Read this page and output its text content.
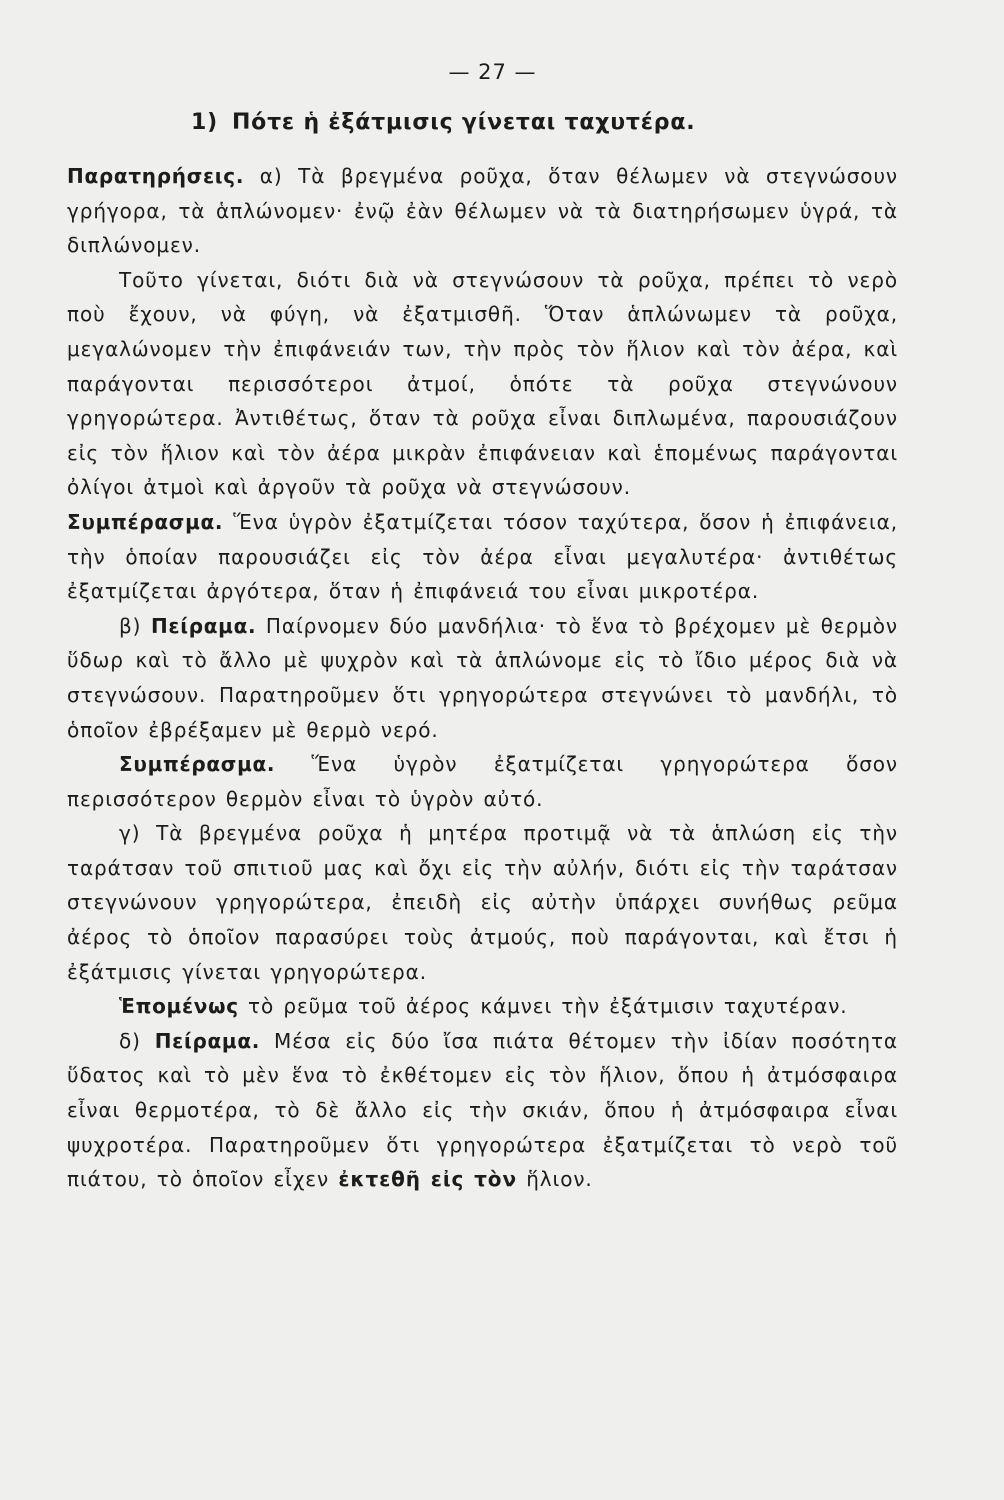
— 27 —
1) Πότε ἡ ἐξάτμισις γίνεται ταχυτέρα.

Παρατηρήσεις. α) Τὰ βρεγμένα ροῦχα, ὅταν θέλωμεν νὰ στεγνώσουν γρήγορα, τὰ ἁπλώνομεν· ἐνῷ ἐὰν θέλωμεν νὰ τὰ διατηρήσωμεν ὑγρά, τὰ διπλώνομεν.

Τοῦτο γίνεται, διότι διὰ νὰ στεγνώσουν τὰ ροῦχα, πρέπει τὸ νερὸ ποὺ ἔχουν, νὰ φύγη, νὰ ἐξατμισθῆ. Ὅταν ἁπλώνωμεν τὰ ροῦχα, μεγαλώνομεν τὴν ἐπιφάνειάν των, τὴν πρὸς τὸν ἥλιον καὶ τὸν ἀέρα, καὶ παράγονται περισσότεροι ἀτμοί, ὁπότε τὰ ροῦχα στεγνώνουν γρηγορώτερα. Ἀντιθέτως, ὅταν τὰ ροῦχα εἶναι διπλωμένα, παρουσιάζουν εἰς τὸν ἥλιον καὶ τὸν ἀέρα μικρὰν ἐπιφάνειαν καὶ ἑπομένως παράγονται ὀλίγοι ἀτμοὶ καὶ ἀργοῦν τὰ ροῦχα νὰ στεγνώσουν.

Συμπέρασμα. Ἕνα ὑγρὸν ἐξατμίζεται τόσον ταχύτερα, ὅσον ἡ ἐπιφάνεια, τὴν ὁποίαν παρουσιάζει εἰς τὸν ἀέρα εἶναι μεγαλυτέρα· ἀντιθέτως ἐξατμίζεται ἀργότερα, ὅταν ἡ ἐπιφάνειά του εἶναι μικροτέρα.

β) Πείραμα. Παίρνομεν δύο μανδήλια· τὸ ἕνα τὸ βρέχομεν μὲ θερμὸν ὕδωρ καὶ τὸ ἄλλο μὲ ψυχρὸν καὶ τὰ ἁπλώνομε εἰς τὸ ἴδιο μέρος διὰ νὰ στεγνώσουν. Παρατηροῦμεν ὅτι γρηγορώτερα στεγνώνει τὸ μανδήλι, τὸ ὁποῖον ἐβρέξαμεν μὲ θερμὸ νερό.

Συμπέρασμα. Ἕνα ὑγρὸν ἐξατμίζεται γρηγορώτερα ὅσον περισσότερον θερμὸν εἶναι τὸ ὑγρὸν αὐτό.

γ) Τὰ βρεγμένα ροῦχα ἡ μητέρα προτιμᾷ νὰ τὰ ἁπλώση εἰς τὴν ταράτσαν τοῦ σπιτιοῦ μας καὶ ὄχι εἰς τὴν αὐλήν, διότι εἰς τὴν ταράτσαν στεγνώνουν γρηγορώτερα, ἐπειδὴ εἰς αὐτὴν ὑπάρχει συνήθως ρεῦμα ἀέρος τὸ ὁποῖον παρασύρει τοὺς ἀτμούς, ποὺ παράγονται, καὶ ἔτσι ἡ ἐξάτμισις γίνεται γρηγορώτερα.

Ἑπομένως τὸ ρεῦμα τοῦ ἀέρος κάμνει τὴν ἐξάτμισιν ταχυτέραν.

δ) Πείραμα. Μέσα εἰς δύο ἴσα πιάτα θέτομεν τὴν ἰδίαν ποσότητα ὕδατος καὶ τὸ μὲν ἕνα τὸ ἐκθέτομεν εἰς τὸν ἥλιον, ὅπου ἡ ἀτμόσφαιρα εἶναι θερμοτέρα, τὸ δὲ ἄλλο εἰς τὴν σκιάν, ὅπου ἡ ἀτμόσφαιρα εἶναι ψυχροτέρα. Παρατηροῦμεν ὅτι γρηγορώτερα ἐξατμίζεται τὸ νερὸ τοῦ πιάτου, τὸ ὁποῖον εἶχεν ἐκτεθῆ εἰς τὸν ἥλιον.
